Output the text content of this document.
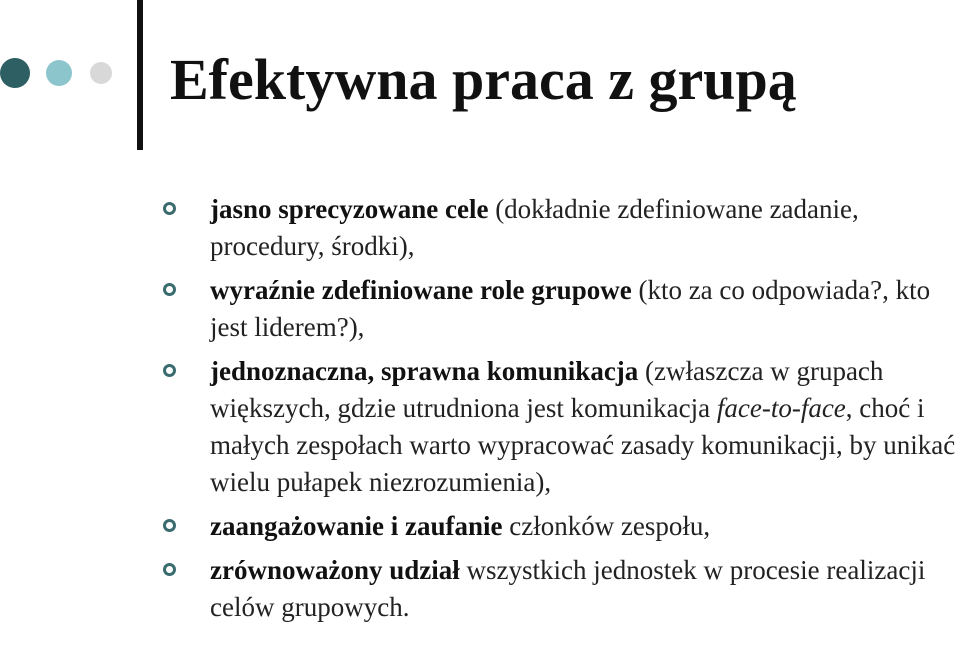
Efektywna praca z grupą
jasno sprecyzowane cele (dokładnie zdefiniowane zadanie, procedury, środki),
wyraźnie zdefiniowane role grupowe (kto za co odpowiada?, kto jest liderem?),
jednoznaczna, sprawna komunikacja (zwłaszcza w grupach większych, gdzie utrudniona jest komunikacja face-to-face, choć i małych zespołach warto wypracować zasady komunikacji, by unikać wielu pułapek niezrozumienia),
zaangażowanie i zaufanie członków zespołu,
zrównoważony udział wszystkich jednostek w procesie realizacji celów grupowych.
